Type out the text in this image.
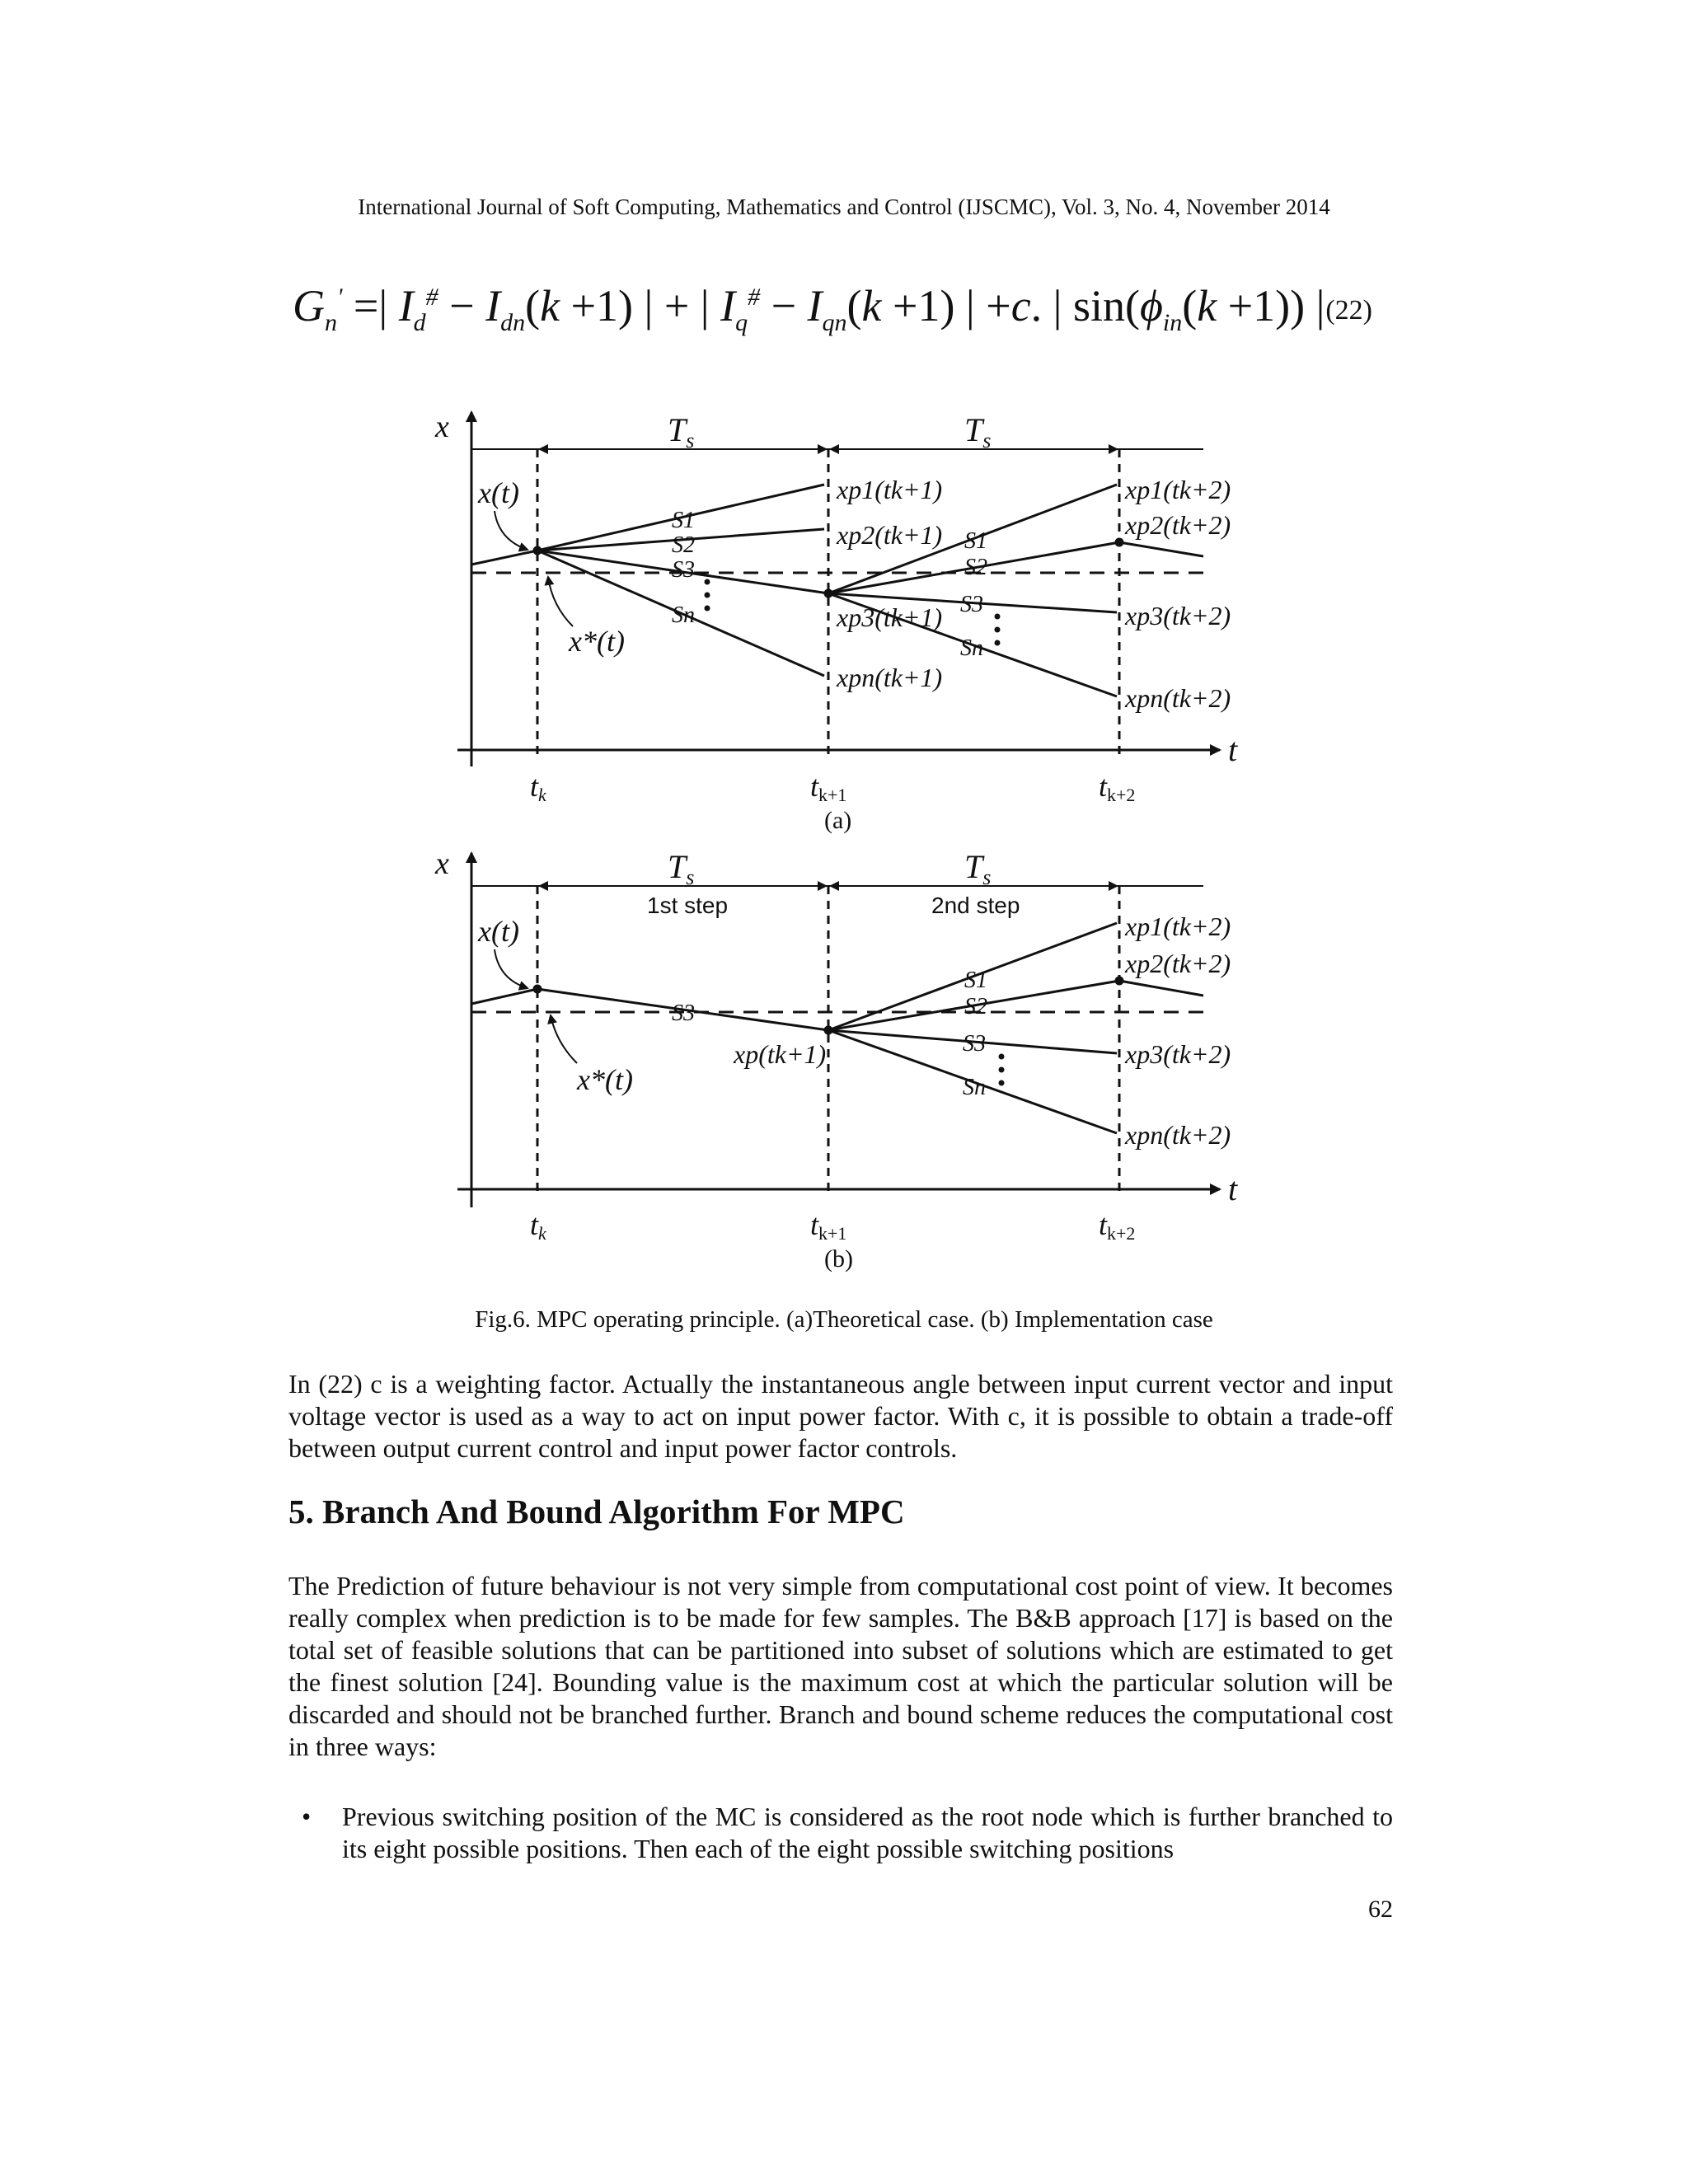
International Journal of Soft Computing, Mathematics and Control (IJSCMC), Vol. 3, No. 4, November 2014
$G_n'$ =| $I_d^{\#} - I_{dn}(k +1)$ | + | $I_q^{\#} - I_{qn}(k +1)$ | +c. | $\sin(\phi_{in}(k +1))$ | (22)
x
t
$T_s$	$T_s$
tk	tk+1	tk+2
x(t)
x*(t)
S1
S2
S3
Sn
S1
S2
S3
Sn
xp1(tk+1)
xp2(tk+1)
xp3(tk+1)
xpn(tk+1)
xp1(tk+2)
xp2(tk+2)
xp3(tk+2)
xpn(tk+2)
(a)
x
t
$T_s$	$T_s$
1st step	2nd step
tk	tk+1	tk+2
x(t)
x*(t)
S3
xp(tk+1)
S1
S2
S3
Sn
xp1(tk+2)
xp2(tk+2)
xp3(tk+2)
xpn(tk+2)
(b)
Fig.6. MPC operating principle. (a)Theoretical case. (b) Implementation case

In (22) c is a weighting factor. Actually the instantaneous angle between input current vector and input voltage vector is used as a way to act on input power factor. With c, it is possible to obtain a trade-off between output current control and input power factor controls.

5. Branch And Bound Algorithm For MPC

The Prediction of future behaviour is not very simple from computational cost point of view. It becomes really complex when prediction is to be made for few samples. The B&B approach [17] is based on the total set of feasible solutions that can be partitioned into subset of solutions which are estimated to get the finest solution [24]. Bounding value is the maximum cost at which the particular solution will be discarded and should not be branched further. Branch and bound scheme reduces the computational cost in three ways:

• Previous switching position of the MC is considered as the root node which is further branched to its eight possible positions. Then each of the eight possible switching positions
62
